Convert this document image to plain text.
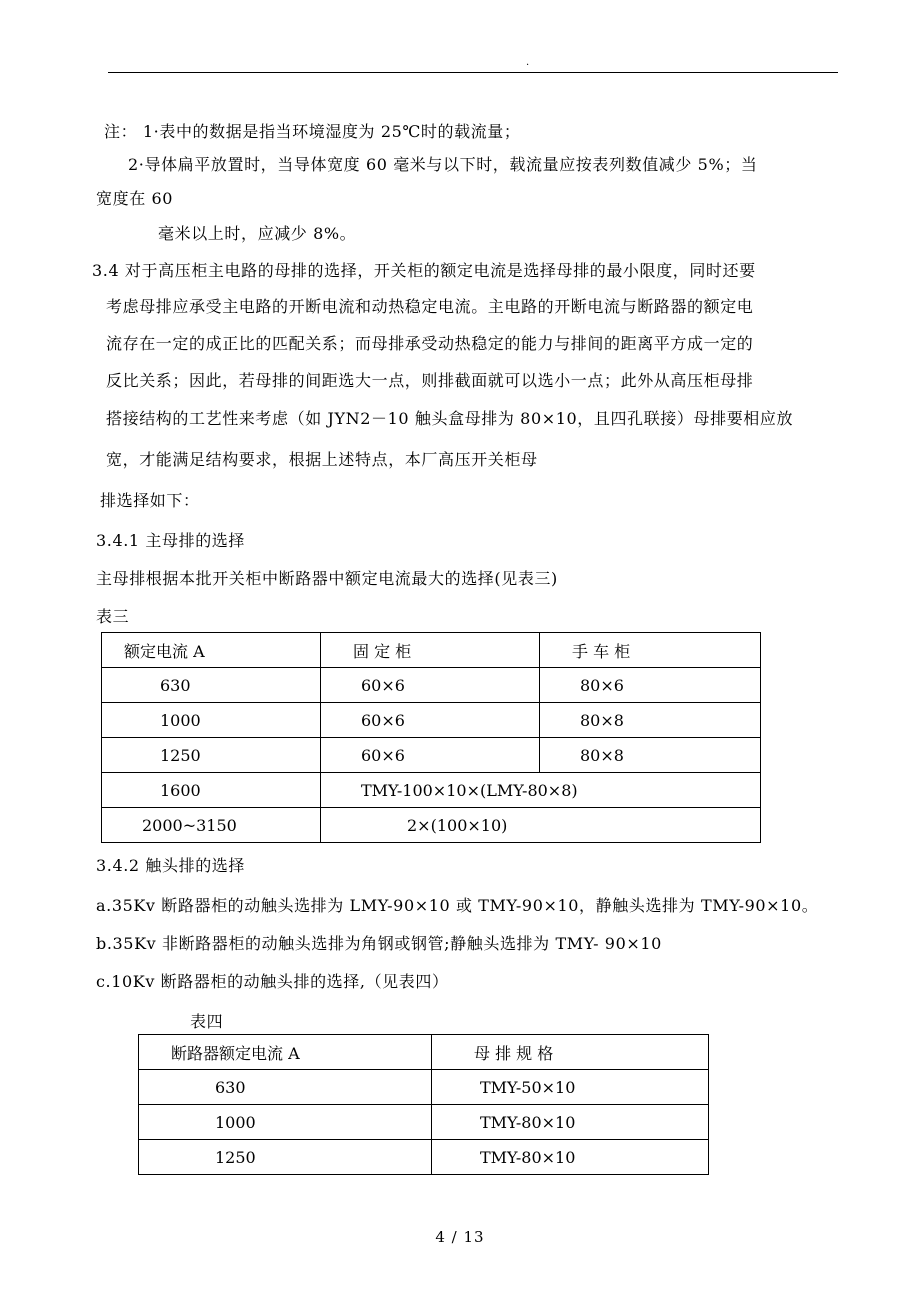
.
注： 1·表中的数据是指当环境湿度为 25℃时的载流量；
2·导体扁平放置时，当导体宽度 60 毫米与以下时，载流量应按表列数值减少 5%；当
宽度在 60
毫米以上时，应减少 8%。
3.4 对于高压柜主电路的母排的选择，开关柜的额定电流是选择母排的最小限度，同时还要
考虑母排应承受主电路的开断电流和动热稳定电流。主电路的开断电流与断路器的额定电
流存在一定的成正比的匹配关系；而母排承受动热稳定的能力与排间的距离平方成一定的
反比关系；因此，若母排的间距选大一点，则排截面就可以选小一点；此外从高压柜母排
搭接结构的工艺性来考虑（如 JYN2－10 触头盒母排为 80×10，且四孔联接）母排要相应放
宽，才能满足结构要求，根据上述特点，本厂高压开关柜母
排选择如下：
3.4.1 主母排的选择
主母排根据本批开关柜中断路器中额定电流最大的选择(见表三)
表三
额定电流 A	固 定 柜	手 车 柜
630	60×6	80×6
1000	60×6	80×8
1250	60×6	80×8
1600	TMY-100×10×(LMY-80×8)	
2000~3150	2×(100×10)	
3.4.2 触头排的选择
a.35Kv 断路器柜的动触头选排为 LMY-90×10 或 TMY-90×10，静触头选排为 TMY-90×10。
b.35Kv 非断路器柜的动触头选排为角钢或钢管;静触头选排为 TMY- 90×10
c.10Kv 断路器柜的动触头排的选择,（见表四）
表四
断路器额定电流 A	母 排 规 格
630	TMY-50×10
1000	TMY-80×10
1250	TMY-80×10
4 / 13
